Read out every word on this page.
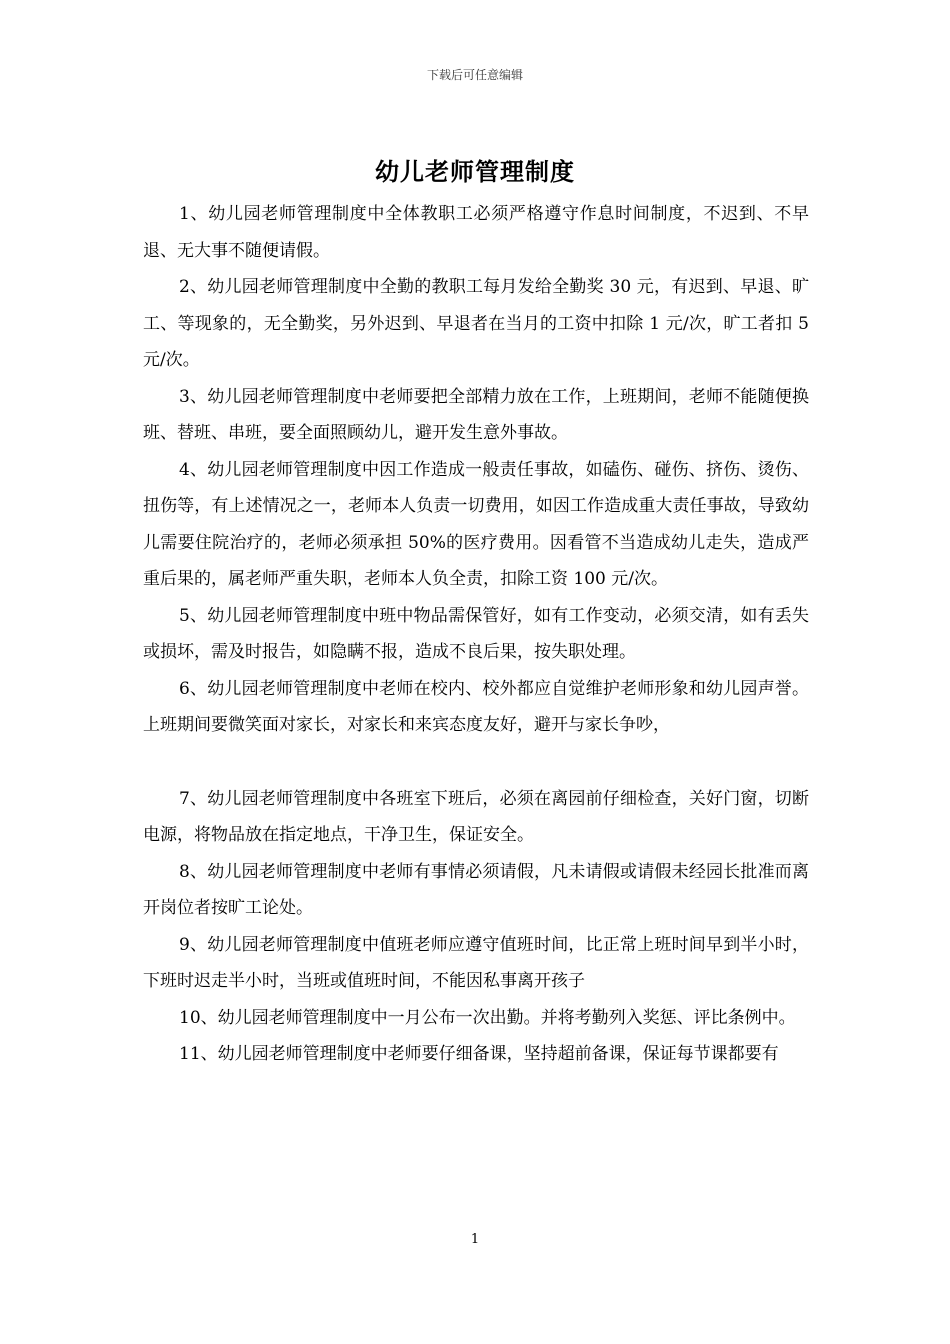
下载后可任意编辑
幼儿老师管理制度

1、幼儿园老师管理制度中全体教职工必须严格遵守作息时间制度，不迟到、不早退、无大事不随便请假。

2、幼儿园老师管理制度中全勤的教职工每月发给全勤奖 30 元，有迟到、早退、旷工、等现象的，无全勤奖，另外迟到、早退者在当月的工资中扣除 1 元/次，旷工者扣 5 元/次。

3、幼儿园老师管理制度中老师要把全部精力放在工作，上班期间，老师不能随便换班、替班、串班，要全面照顾幼儿，避开发生意外事故。

4、幼儿园老师管理制度中因工作造成一般责任事故，如磕伤、碰伤、挤伤、烫伤、扭伤等，有上述情况之一，老师本人负责一切费用，如因工作造成重大责任事故，导致幼儿需要住院治疗的，老师必须承担 50%的医疗费用。因看管不当造成幼儿走失，造成严重后果的，属老师严重失职，老师本人负全责，扣除工资 100 元/次。

5、幼儿园老师管理制度中班中物品需保管好，如有工作变动，必须交清，如有丢失或损坏，需及时报告，如隐瞒不报，造成不良后果，按失职处理。

6、幼儿园老师管理制度中老师在校内、校外都应自觉维护老师形象和幼儿园声誉。上班期间要微笑面对家长，对家长和来宾态度友好，避开与家长争吵，

7、幼儿园老师管理制度中各班室下班后，必须在离园前仔细检查，关好门窗，切断电源，将物品放在指定地点，干净卫生，保证安全。

8、幼儿园老师管理制度中老师有事情必须请假，凡未请假或请假未经园长批准而离开岗位者按旷工论处。

9、幼儿园老师管理制度中值班老师应遵守值班时间，比正常上班时间早到半小时，下班时迟走半小时，当班或值班时间，不能因私事离开孩子

10、幼儿园老师管理制度中一月公布一次出勤。并将考勤列入奖惩、评比条例中。

11、幼儿园老师管理制度中老师要仔细备课，坚持超前备课，保证每节课都要有

1
